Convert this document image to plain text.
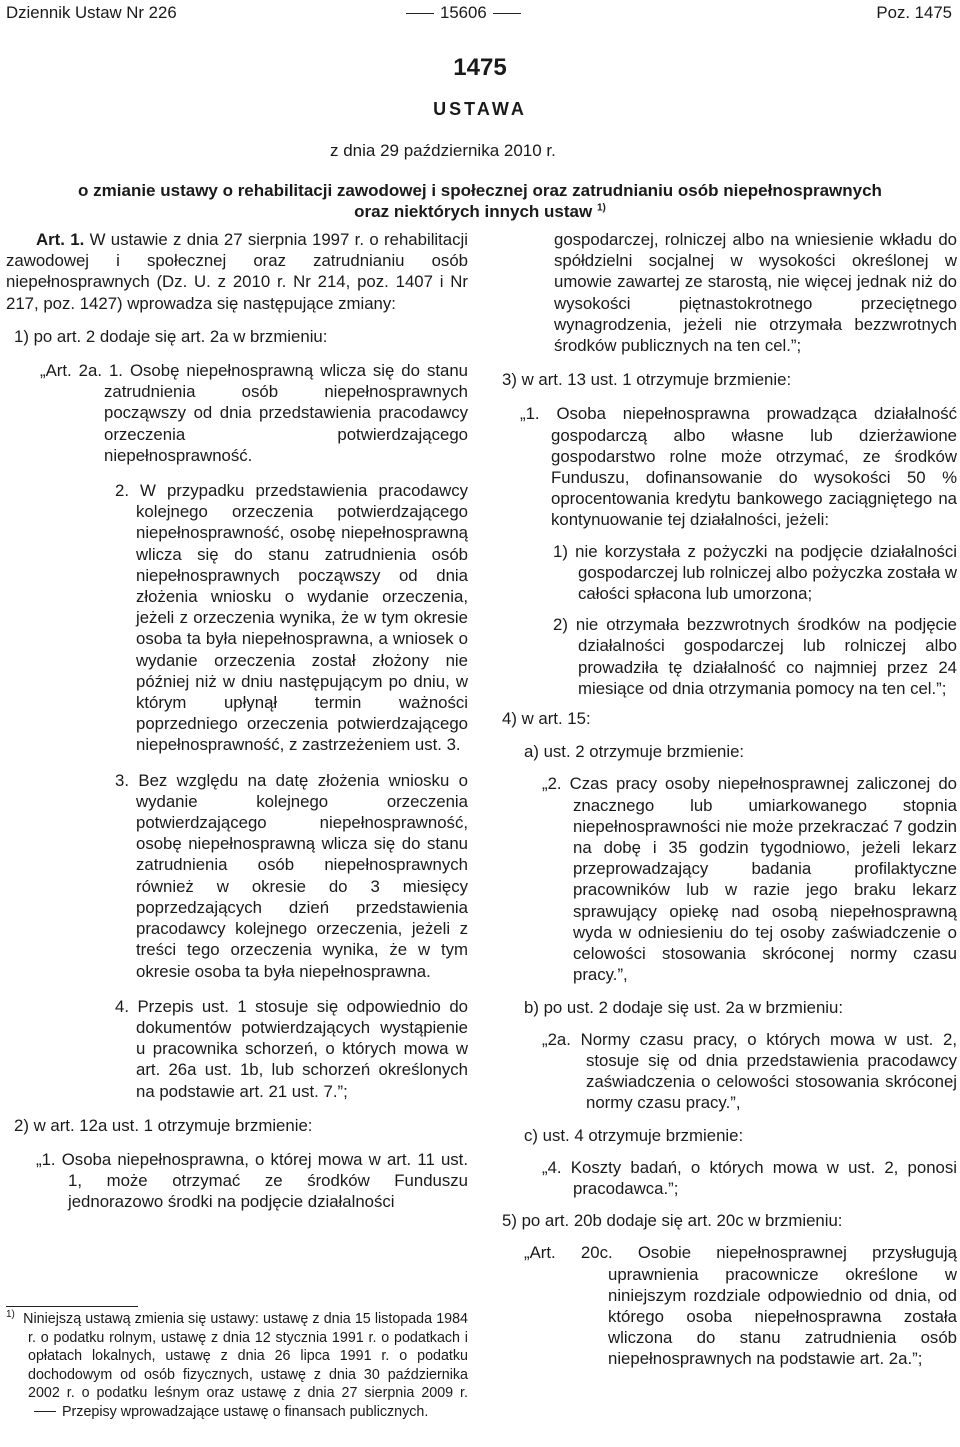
Dziennik Ustaw Nr 226	15606	Poz. 1475
1475
USTAWA
z dnia 29 października 2010 r.
o zmianie ustawy o rehabilitacji zawodowej i społecznej oraz zatrudnianiu osób niepełnosprawnych
oraz niektórych innych ustaw $^{1)}$

Art. 1. W ustawie z dnia 27 sierpnia 1997 r. o rehabilitacji zawodowej i społecznej oraz zatrudnianiu osób niepełnosprawnych (Dz. U. z 2010 r. Nr 214, poz. 1407 i Nr 217, poz. 1427) wprowadza się następujące zmiany:

1) po art. 2 dodaje się art. 2a w brzmieniu:

„Art. 2a. 1. Osobę niepełnosprawną wlicza się do stanu zatrudnienia osób niepełnosprawnych począwszy od dnia przedstawienia pracodawcy orzeczenia potwierdzającego niepełnosprawność.

2. W przypadku przedstawienia pracodawcy kolejnego orzeczenia potwierdzającego niepełnosprawność, osobę niepełnosprawną wlicza się do stanu zatrudnienia osób niepełnosprawnych począwszy od dnia złożenia wniosku o wydanie orzeczenia, jeżeli z orzeczenia wynika, że w tym okresie osoba ta była niepełnosprawna, a wniosek o wydanie orzeczenia został złożony nie później niż w dniu następującym po dniu, w którym upłynął termin ważności poprzedniego orzeczenia potwierdzającego niepełnosprawność, z zastrzeżeniem ust. 3.

3. Bez względu na datę złożenia wniosku o wydanie kolejnego orzeczenia potwierdzającego niepełnosprawność, osobę niepełnosprawną wlicza się do stanu zatrudnienia osób niepełnosprawnych również w okresie do 3 miesięcy poprzedzających dzień przedstawienia pracodawcy kolejnego orzeczenia, jeżeli z treści tego orzeczenia wynika, że w tym okresie osoba ta była niepełnosprawna.

4. Przepis ust. 1 stosuje się odpowiednio do dokumentów potwierdzających wystąpienie u pracownika schorzeń, o których mowa w art. 26a ust. 1b, lub schorzeń określonych na podstawie art. 21 ust. 7.”;

2) w art. 12a ust. 1 otrzymuje brzmienie:

„1. Osoba niepełnosprawna, o której mowa w art. 11 ust. 1, może otrzymać ze środków Funduszu jednorazowo środki na podjęcie działalności

gospodarczej, rolniczej albo na wniesienie wkładu do spółdzielni socjalnej w wysokości określonej w umowie zawartej ze starostą, nie więcej jednak niż do wysokości piętnastokrotnego przeciętnego wynagrodzenia, jeżeli nie otrzymała bezzwrotnych środków publicznych na ten cel.”;

3) w art. 13 ust. 1 otrzymuje brzmienie:

„1. Osoba niepełnosprawna prowadząca działalność gospodarczą albo własne lub dzierżawione gospodarstwo rolne może otrzymać, ze środków Funduszu, dofinansowanie do wysokości 50 % oprocentowania kredytu bankowego zaciągniętego na kontynuowanie tej działalności, jeżeli:

1) nie korzystała z pożyczki na podjęcie działalności gospodarczej lub rolniczej albo pożyczka została w całości spłacona lub umorzona;

2) nie otrzymała bezzwrotnych środków na podjęcie działalności gospodarczej lub rolniczej albo prowadziła tę działalność co najmniej przez 24 miesiące od dnia otrzymania pomocy na ten cel.”;

4) w art. 15:

a) ust. 2 otrzymuje brzmienie:

„2. Czas pracy osoby niepełnosprawnej zaliczonej do znacznego lub umiarkowanego stopnia niepełnosprawności nie może przekraczać 7 godzin na dobę i 35 godzin tygodniowo, jeżeli lekarz przeprowadzający badania profilaktyczne pracowników lub w razie jego braku lekarz sprawujący opiekę nad osobą niepełnosprawną wyda w odniesieniu do tej osoby zaświadczenie o celowości stosowania skróconej normy czasu pracy.”,

b) po ust. 2 dodaje się ust. 2a w brzmieniu:

„2a. Normy czasu pracy, o których mowa w ust. 2, stosuje się od dnia przedstawienia pracodawcy zaświadczenia o celowości stosowania skróconej normy czasu pracy.”,

c) ust. 4 otrzymuje brzmienie:

„4. Koszty badań, o których mowa w ust. 2, ponosi pracodawca.”;

5) po art. 20b dodaje się art. 20c w brzmieniu:

„Art. 20c. Osobie niepełnosprawnej przysługują uprawnienia pracownicze określone w niniejszym rozdziale odpowiednio od dnia, od którego osoba niepełnosprawna została wliczona do stanu zatrudnienia osób niepełnosprawnych na podstawie art. 2a.”;

$^{1)}$ Niniejszą ustawą zmienia się ustawy: ustawę z dnia 15 listopada 1984 r. o podatku rolnym, ustawę z dnia 12 stycznia 1991 r. o podatkach i opłatach lokalnych, ustawę z dnia 26 lipca 1991 r. o podatku dochodowym od osób fizycznych, ustawę z dnia 30 października 2002 r. o podatku leśnym oraz ustawę z dnia 27 sierpnia 2009 r. Przepisy wprowadzające ustawę o finansach publicznych.
